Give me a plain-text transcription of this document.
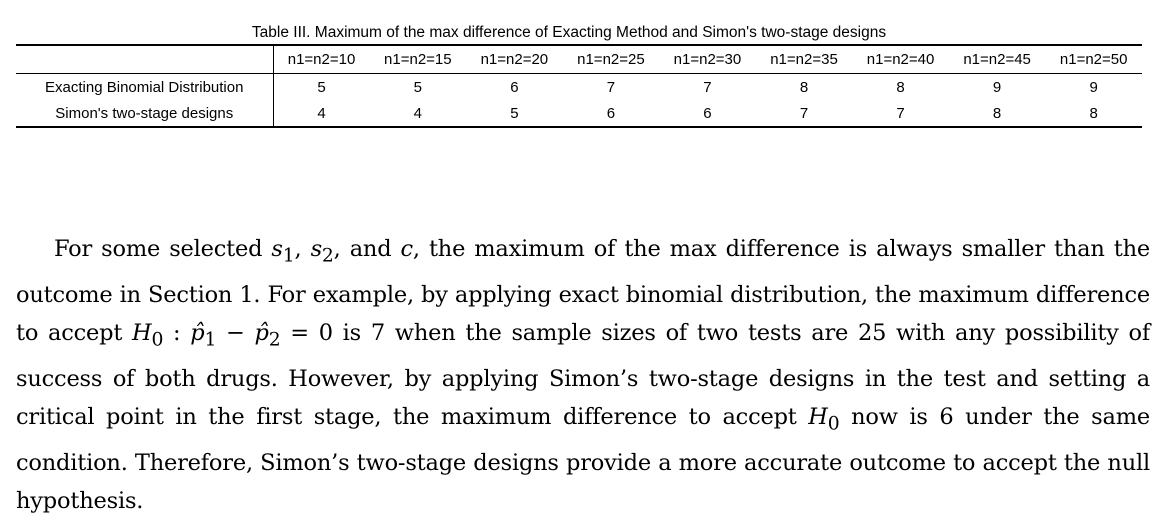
Table III. Maximum of the max difference of Exacting Method and Simon's two-stage designs
	n1=n2=10	n1=n2=15	n1=n2=20	n1=n2=25	n1=n2=30	n1=n2=35	n1=n2=40	n1=n2=45	n1=n2=50
Exacting Binomial Distribution	5	5	6	7	7	8	8	9	9
Simon's two-stage designs	4	4	5	6	6	7	7	8	8

For some selected $s_1$, $s_2$, and c, the maximum of the max difference is always smaller than the outcome in Section 1. For example, by applying exact binomial distribution, the maximum difference to accept $H_0$ : $p̂_1$ − $p̂_2 = 0$ is 7 when the sample sizes of two tests are 25 with any possibility of success of both drugs. However, by applying Simon’s two-stage designs in the test and setting a critical point in the first stage, the maximum difference to accept $H_0$ now is 6 under the same condition. Therefore, Simon’s two-stage designs provide a more accurate outcome to accept the null hypothesis.
